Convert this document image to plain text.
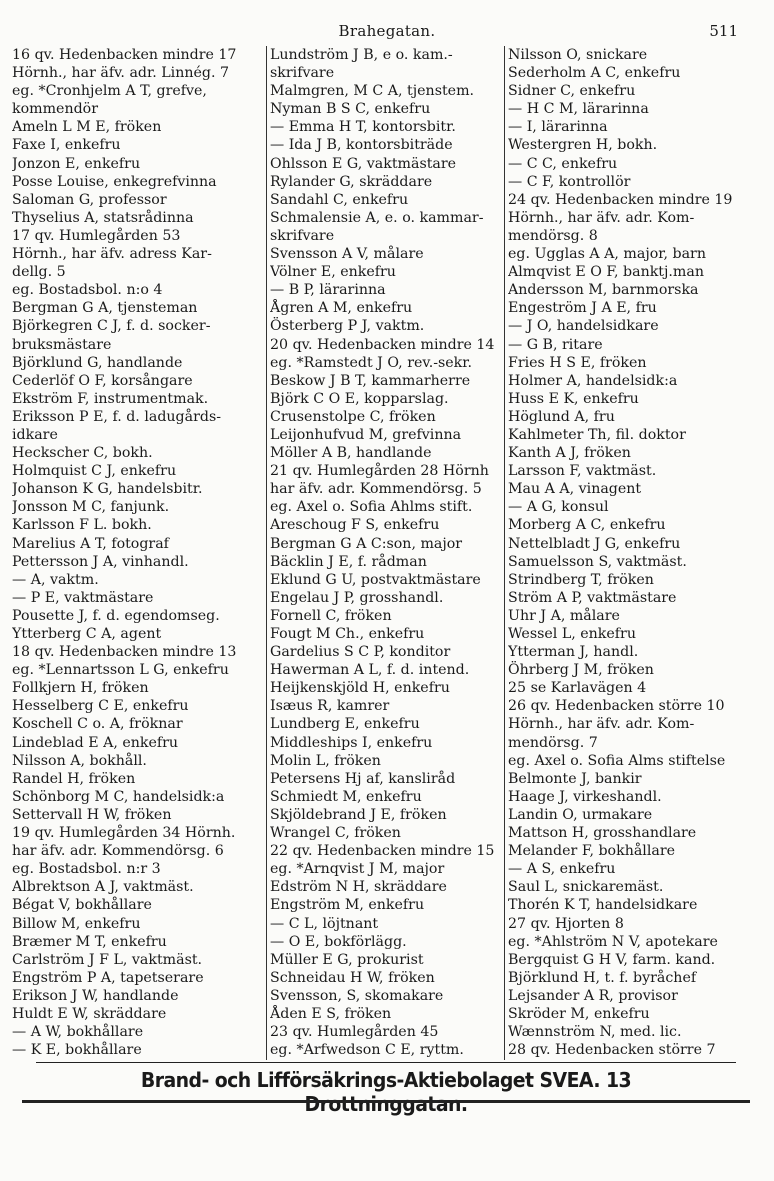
Brahegatan.	511
16 qv. Hedenbacken mindre 17
Hörnh., har äfv. adr. Linnég. 7
eg. *Cronhjelm A T, grefve,
kommendör
Ameln L M E, fröken
Faxe I, enkefru
Jonzon E, enkefru
Posse Louise, enkegrefvinna
Saloman G, professor
Thyselius A, statsrådinna
17 qv. Humlegården 53
Hörnh., har äfv. adress Kar-
dellg. 5
eg. Bostadsbol. n:o 4
Bergman G A, tjensteman
Björkegren C J, f. d. socker-
bruksmästare
Björklund G, handlande
Cederlöf O F, korsångare
Ekström F, instrumentmak.
Eriksson P E, f. d. ladugårds-
idkare
Heckscher C, bokh.
Holmquist C J, enkefru
Johanson K G, handelsbitr.
Jonsson M C, fanjunk.
Karlsson F L. bokh.
Marelius A T, fotograf
Pettersson J A, vinhandl.
— A, vaktm.
— P E, vaktmästare
Pousette J, f. d. egendomseg.
Ytterberg C A, agent
18 qv. Hedenbacken mindre 13
eg. *Lennartsson L G, enkefru
Follkjern H, fröken
Hesselberg C E, enkefru
Koschell C o. A, fröknar
Lindeblad E A, enkefru
Nilsson A, bokhåll.
Randel H, fröken
Schönborg M C, handelsidk:a
Settervall H W, fröken
19 qv. Humlegården 34 Hörnh.
har äfv. adr. Kommendörsg. 6
eg. Bostadsbol. n:r 3
Albrektson A J, vaktmäst.
Bégat V, bokhållare
Billow M, enkefru
Bræmer M T, enkefru
Carlström J F L, vaktmäst.
Engström P A, tapetserare
Erikson J W, handlande
Huldt E W, skräddare
— A W, bokhållare
— K E, bokhållare
Lundström J B, e o. kam.-
skrifvare
Malmgren, M C A, tjenstem.
Nyman B S C, enkefru
— Emma H T, kontorsbitr.
— Ida J B, kontorsbiträde
Ohlsson E G, vaktmästare
Rylander G, skräddare
Sandahl C, enkefru
Schmalensie A, e. o. kammar-
skrifvare
Svensson A V, målare
Völner E, enkefru
— B P, lärarinna
Ågren A M, enkefru
Österberg P J, vaktm.
20 qv. Hedenbacken mindre 14
eg. *Ramstedt J O, rev.-sekr.
Beskow J B T, kammarherre
Björk C O E, kopparslag.
Crusenstolpe C, fröken
Leijonhufvud M, grefvinna
Möller A B, handlande
21 qv. Humlegården 28 Hörnh
har äfv. adr. Kommendörsg. 5
eg. Axel o. Sofia Ahlms stift.
Areschoug F S, enkefru
Bergman G A C:son, major
Bäcklin J E, f. rådman
Eklund G U, postvaktmästare
Engelau J P, grosshandl.
Fornell C, fröken
Fougt M Ch., enkefru
Gardelius S C P, konditor
Hawerman A L, f. d. intend.
Heijkenskjöld H, enkefru
Isæus R, kamrer
Lundberg E, enkefru
Middleships I, enkefru
Molin L, fröken
Petersens Hj af, kansliråd
Schmiedt M, enkefru
Skjöldebrand J E, fröken
Wrangel C, fröken
22 qv. Hedenbacken mindre 15
eg. *Arnqvist J M, major
Edström N H, skräddare
Engström M, enkefru
— C L, löjtnant
— O E, bokförlägg.
Müller E G, prokurist
Schneidau H W, fröken
Svensson, S, skomakare
Åden E S, fröken
23 qv. Humlegården 45
eg. *Arfwedson C E, ryttm.
Nilsson O, snickare
Sederholm A C, enkefru
Sidner C, enkefru
— H C M, lärarinna
— I, lärarinna
Westergren H, bokh.
— C C, enkefru
— C F, kontrollör
24 qv. Hedenbacken mindre 19
Hörnh., har äfv. adr. Kom-
mendörsg. 8
eg. Ugglas A A, major, barn
Almqvist E O F, banktj.man
Andersson M, barnmorska
Engeström J A E, fru
— J O, handelsidkare
— G B, ritare
Fries H S E, fröken
Holmer A, handelsidk:a
Huss E K, enkefru
Höglund A, fru
Kahlmeter Th, fil. doktor
Kanth A J, fröken
Larsson F, vaktmäst.
Mau A A, vinagent
— A G, konsul
Morberg A C, enkefru
Nettelbladt J G, enkefru
Samuelsson S, vaktmäst.
Strindberg T, fröken
Ström A P, vaktmästare
Uhr J A, målare
Wessel L, enkefru
Ytterman J, handl.
Öhrberg J M, fröken
25 se Karlavägen 4
26 qv. Hedenbacken större 10
Hörnh., har äfv. adr. Kom-
mendörsg. 7
eg. Axel o. Sofia Alms stiftelse
Belmonte J, bankir
Haage J, virkeshandl.
Landin O, urmakare
Mattson H, grosshandlare
Melander F, bokhållare
— A S, enkefru
Saul L, snickaremäst.
Thorén K T, handelsidkare
27 qv. Hjorten 8
eg. *Ahlström N V, apotekare
Bergquist G H V, farm. kand.
Björklund H, t. f. byråchef
Lejsander A R, provisor
Skröder M, enkefru
Wænnström N, med. lic.
28 qv. Hedenbacken större 7
Brand- och Lifförsäkrings-Aktiebolaget SVEA. 13 Drottninggatan.
